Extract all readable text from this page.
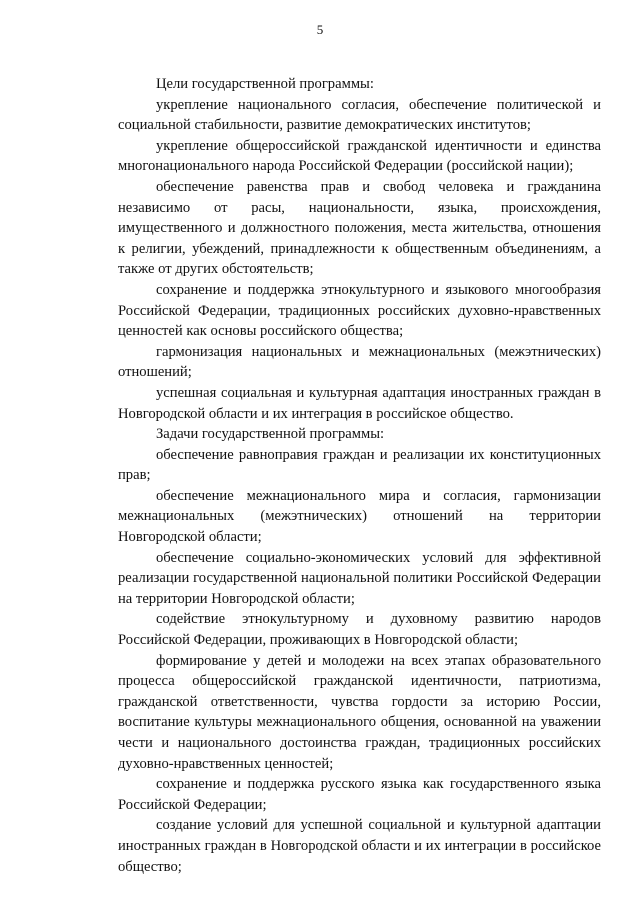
5

Цели государственной программы:

укрепление национального согласия, обеспечение политической и социальной стабильности, развитие демократических институтов;

укрепление общероссийской гражданской идентичности и единства многонационального народа Российской Федерации (российской нации);

обеспечение равенства прав и свобод человека и гражданина независимо от расы, национальности, языка, происхождения, имущественного и должностного положения, места жительства, отношения к религии, убеждений, принадлежности к общественным объединениям, а также от других обстоятельств;

сохранение и поддержка этнокультурного и языкового многообразия Российской Федерации, традиционных российских духовно-нравственных ценностей как основы российского общества;

гармонизация национальных и межнациональных (межэтнических) отношений;

успешная социальная и культурная адаптация иностранных граждан в Новгородской области и их интеграция в российское общество.

Задачи государственной программы:

обеспечение равноправия граждан и реализации их конституционных прав;

обеспечение межнационального мира и согласия, гармонизации межнациональных (межэтнических) отношений на территории Новгородской области;

обеспечение социально-экономических условий для эффективной реализации государственной национальной политики Российской Федерации на территории Новгородской области;

содействие этнокультурному и духовному развитию народов Российской Федерации, проживающих в Новгородской области;

формирование у детей и молодежи на всех этапах образовательного процесса общероссийской гражданской идентичности, патриотизма, гражданской ответственности, чувства гордости за историю России, воспитание культуры межнационального общения, основанной на уважении чести и национального достоинства граждан, традиционных российских духовно-нравственных ценностей;

сохранение и поддержка русского языка как государственного языка Российской Федерации;

создание условий для успешной социальной и культурной адаптации иностранных граждан в Новгородской области и их интеграции в российское общество;
